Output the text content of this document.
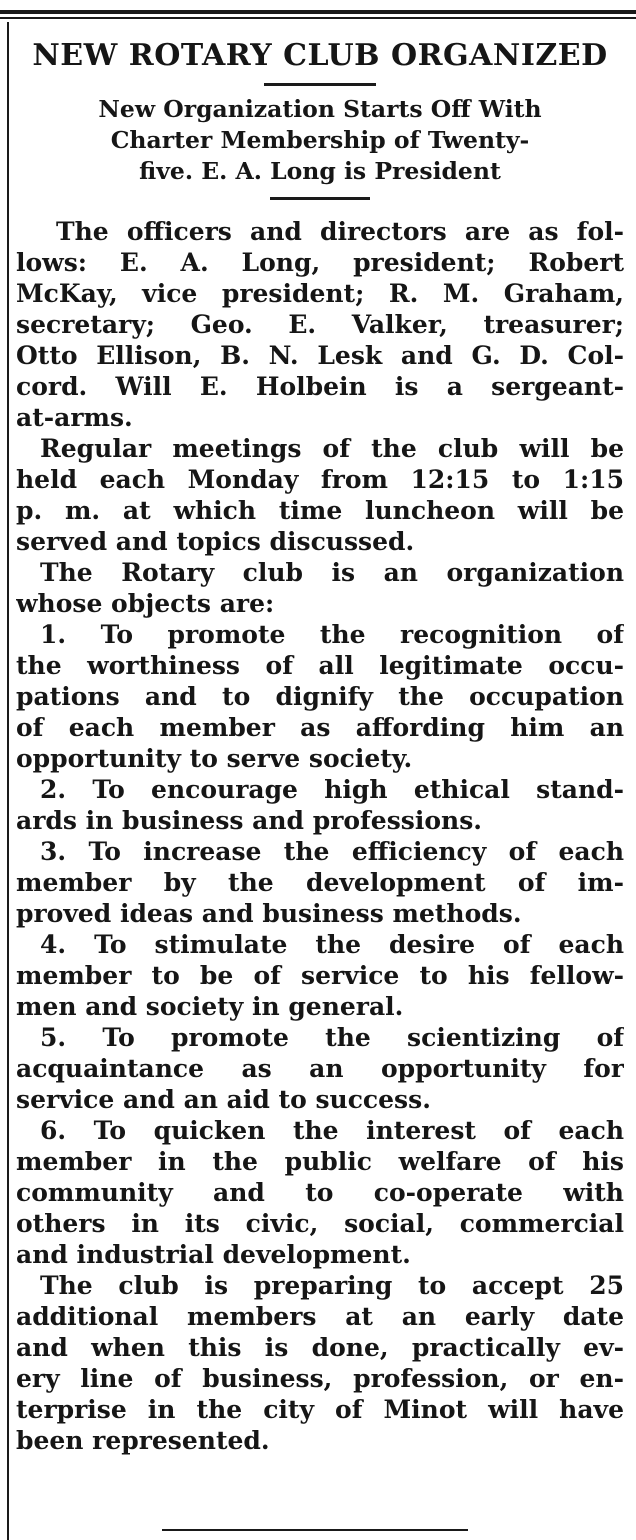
NEW ROTARY CLUB ORGANIZED
New Organization Starts Off With
Charter Membership of Twenty-
five. E. A. Long is President
The officers and directors are as fol-
lows: E. A. Long, president; Robert
McKay, vice president; R. M. Graham,
secretary; Geo. E. Valker, treasurer;
Otto Ellison, B. N. Lesk and G. D. Col-
cord. Will E. Holbein is a sergeant-
at-arms.
Regular meetings of the club will be
held each Monday from 12:15 to 1:15
p. m. at which time luncheon will be
served and topics discussed.
The Rotary club is an organization
whose objects are:
1. To promote the recognition of
the worthiness of all legitimate occu-
pations and to dignify the occupation
of each member as affording him an
opportunity to serve society.
2. To encourage high ethical stand-
ards in business and professions.
3. To increase the efficiency of each
member by the development of im-
proved ideas and business methods.
4. To stimulate the desire of each
member to be of service to his fellow-
men and society in general.
5. To promote the scientizing of
acquaintance as an opportunity for
service and an aid to success.
6. To quicken the interest of each
member in the public welfare of his
community and to co-operate with
others in its civic, social, commercial
and industrial development.
The club is preparing to accept 25
additional members at an early date
and when this is done, practically ev-
ery line of business, profession, or en-
terprise in the city of Minot will have
been represented.
